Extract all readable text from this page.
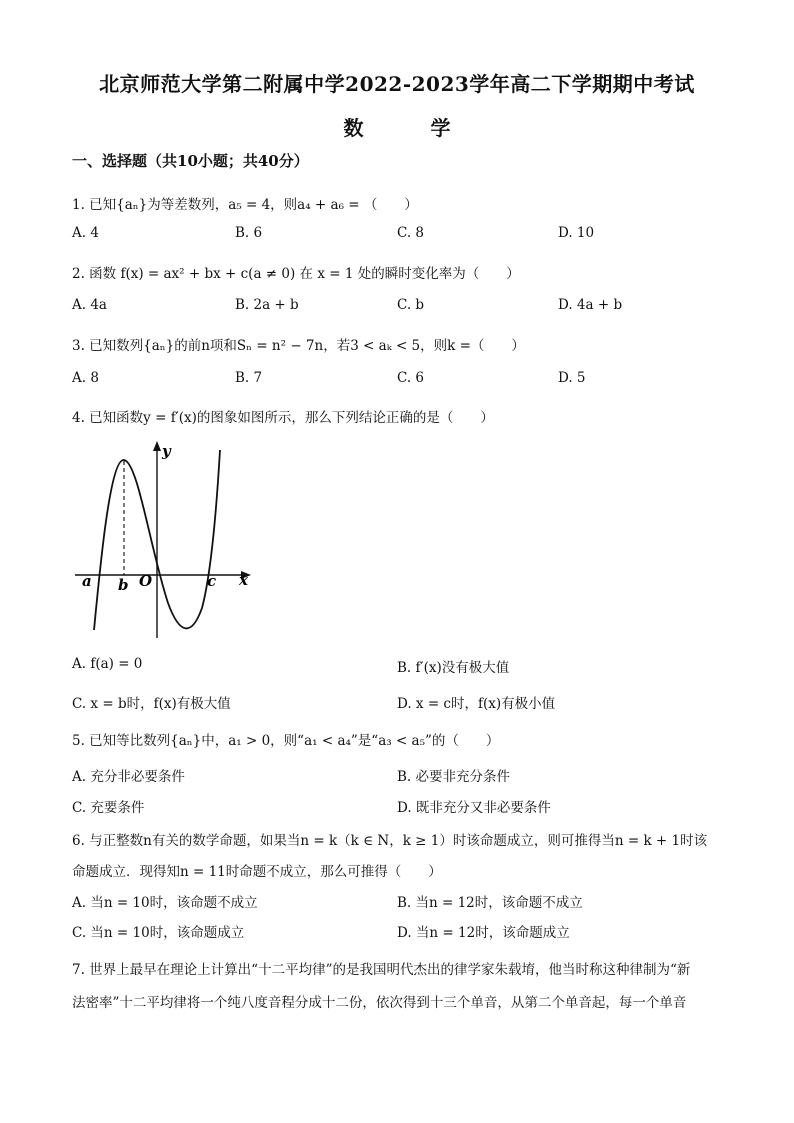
北京师范大学第二附属中学2022-2023学年高二下学期期中考试
数 学
一、选择题（共10小题；共40分）
1. 已知{aₙ}为等差数列，a₅ = 4，则a₄ + a₆ = （　　）
A. 4	B. 6	C. 8	D. 10
2. 函数 f(x) = ax² + bx + c(a ≠ 0) 在 x = 1 处的瞬时变化率为（　　）
A. 4a	B. 2a + b	C. b	D. 4a + b
3. 已知数列{aₙ}的前n项和Sₙ = n² − 7n，若3 < aₖ < 5，则k =（　　）
A. 8	B. 7	C. 6	D. 5
4. 已知函数y = f′(x)的图象如图所示，那么下列结论正确的是（　　）
y
x
a b O	c
A. f(a) = 0	B. f′(x)没有极大值
C. x = b时，f(x)有极大值	D. x = c时，f(x)有极小值
5. 已知等比数列{aₙ}中，a₁ > 0，则“a₁ < a₄”是“a₃ < a₅”的（　　）
A. 充分非必要条件	B. 必要非充分条件
C. 充要条件	D. 既非充分又非必要条件
6. 与正整数n有关的数学命题，如果当n = k（k ∈ N，k ≥ 1）时该命题成立，则可推得当n = k + 1时该
命题成立．现得知n = 11时命题不成立，那么可推得（　　）
A. 当n = 10时，该命题不成立	B. 当n = 12时，该命题不成立
C. 当n = 10时，该命题成立	D. 当n = 12时，该命题成立
7. 世界上最早在理论上计算出“十二平均律”的是我国明代杰出的律学家朱载堉，他当时称这种律制为“新
法密率”十二平均律将一个纯八度音程分成十二份，依次得到十三个单音，从第二个单音起，每一个单音
